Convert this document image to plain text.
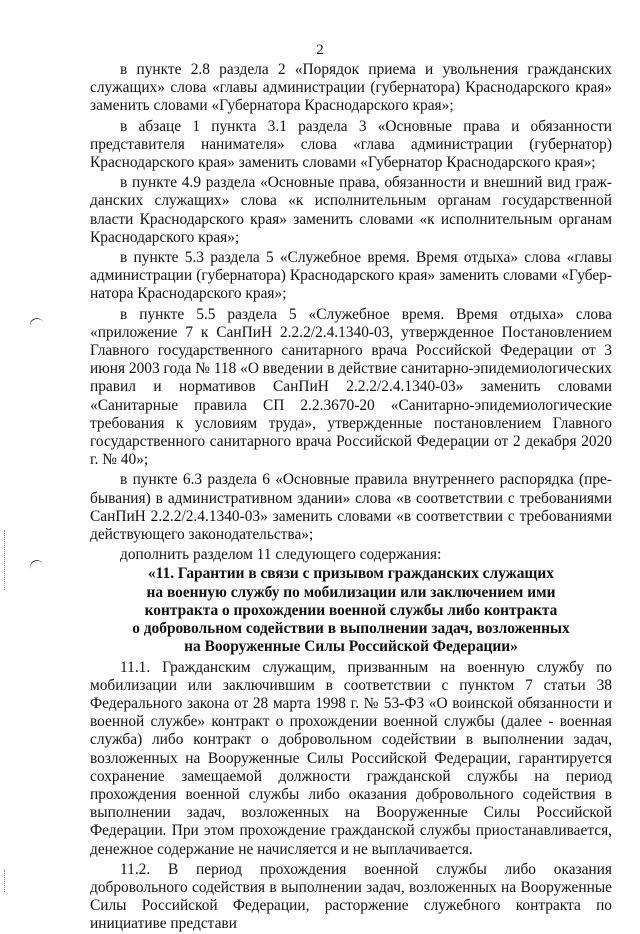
2

в пункте 2.8 раздела 2 «Порядок приема и увольнения гражданских служащих» слова «главы администрации (губернатора) Краснодарского края» заменить словами «Губернатора Краснодарского края»;

в абзаце 1 пункта 3.1 раздела 3 «Основные права и обязанности представителя нанимателя» слова «глава администрации (губернатор) Краснодарского края» заменить словами «Губернатор Краснодарского края»;

в пункте 4.9 раздела «Основные права, обязанности и внешний вид гражданских служащих» слова «к исполнительным органам государственной власти Краснодарского края» заменить словами «к исполнительным органам Краснодарского края»;

в пункте 5.3 раздела 5 «Служебное время. Время отдыха» слова «главы администрации (губернатора) Краснодарского края» заменить словами «Губернатора Краснодарского края»;

в пункте 5.5 раздела 5 «Служебное время. Время отдыха» слова «приложение 7 к СанПиН 2.2.2/2.4.1340-03, утвержденное Постановлением Главного государственного санитарного врача Российской Федерации от 3 июня 2003 года № 118 «О введении в действие санитарно-эпидемиологических правил и нормативов СанПиН 2.2.2/2.4.1340-03» заменить словами «Санитарные правила СП 2.2.3670-20 «Санитарно-эпидемиологические требования к условиям труда», утвержденные постановлением Главного государственного санитарного врача Российской Федерации от 2 декабря 2020 г. № 40»;

в пункте 6.3 раздела 6 «Основные правила внутреннего распорядка (пребывания) в административном здании» слова «в соответствии с требованиями СанПиН 2.2.2/2.4.1340-03» заменить словами «в соответствии с требованиями действующего законодательства»;

дополнить разделом 11 следующего содержания:

«11. Гарантии в связи с призывом гражданских служащих
на военную службу по мобилизации или заключением ими
контракта о прохождении военной службы либо контракта
о добровольном содействии в выполнении задач, возложенных
на Вооруженные Силы Российской Федерации»

11.1. Гражданским служащим, призванным на военную службу по мобилизации или заключившим в соответствии с пунктом 7 статьи 38 Федерального закона от 28 марта 1998 г. № 53-ФЗ «О воинской обязанности и военной службе» контракт о прохождении военной службы (далее - военная служба) либо контракт о добровольном содействии в выполнении задач, возложенных на Вооруженные Силы Российской Федерации, гарантируется сохранение замещаемой должности гражданской службы на период прохождения военной службы либо оказания добровольного содействия в выполнении задач, возложенных на Вооруженные Силы Российской Федерации. При этом прохождение гражданской службы приостанавливается, денежное содержание не начисляется и не выплачивается.

11.2. В период прохождения военной службы либо оказания добровольного содействия в выполнении задач, возложенных на Вооруженные Силы Российской Федерации, расторжение служебного контракта по инициативе представи
